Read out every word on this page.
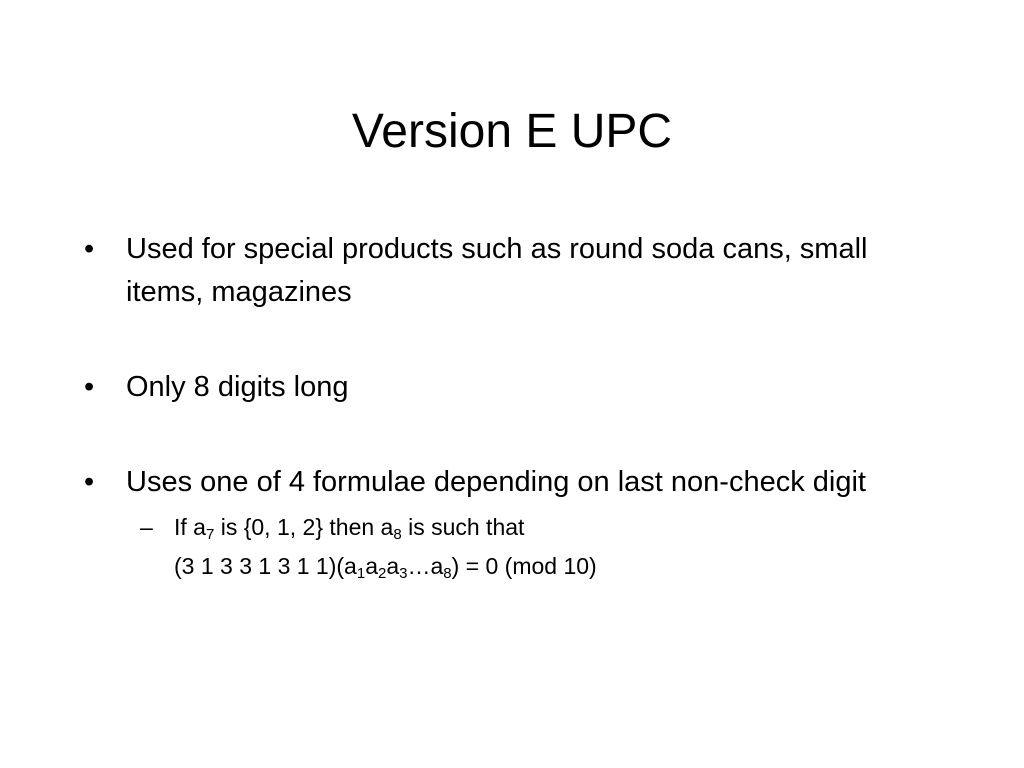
Version E UPC
•	Used for special products such as round soda cans, small items, magazines
•	Only 8 digits long
•	Uses one of 4 formulae depending on last non-check digit
– If $a_7$ is {0, 1, 2} then $a_8$ is such that
(3 1 3 3 1 3 1 $1)(a_1a_2a_3\dots a_8) = 0$ (mod 10)
